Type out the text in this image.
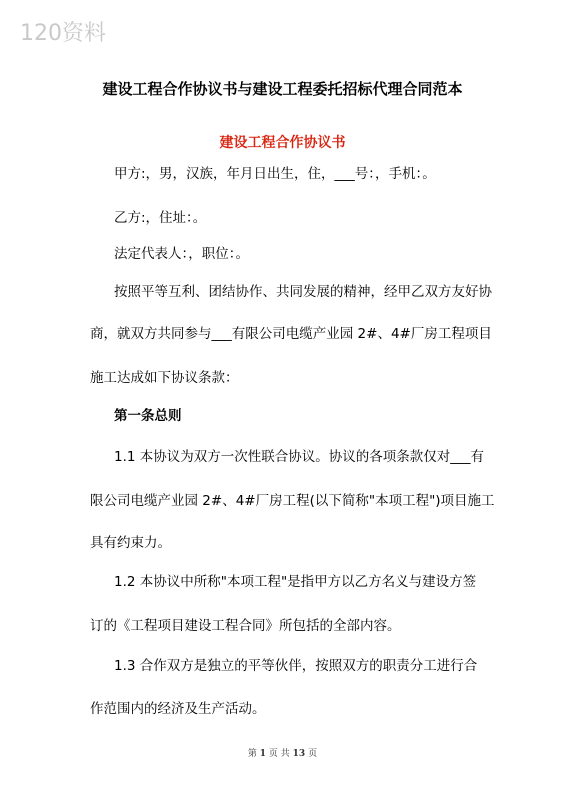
120资料
建设工程合作协议书与建设工程委托招标代理合同范本
建设工程合作协议书
甲方:，男，汉族，年月日出生，住，___号：，手机：。
乙方:，住址：。
法定代表人：，职位：。
按照平等互利、团结协作、共同发展的精神，经甲乙双方友好协
商，就双方共同参与___有限公司电缆产业园 2#、4#厂房工程项目
施工达成如下协议条款：
第一条总则
1.1 本协议为双方一次性联合协议。协议的各项条款仅对___有
限公司电缆产业园 2#、4#厂房工程(以下简称"本项工程")项目施工
具有约束力。
1.2 本协议中所称"本项工程"是指甲方以乙方名义与建设方签
订的《工程项目建设工程合同》所包括的全部内容。
1.3 合作双方是独立的平等伙伴，按照双方的职责分工进行合
作范围内的经济及生产活动。
第 1 页 共 13 页
